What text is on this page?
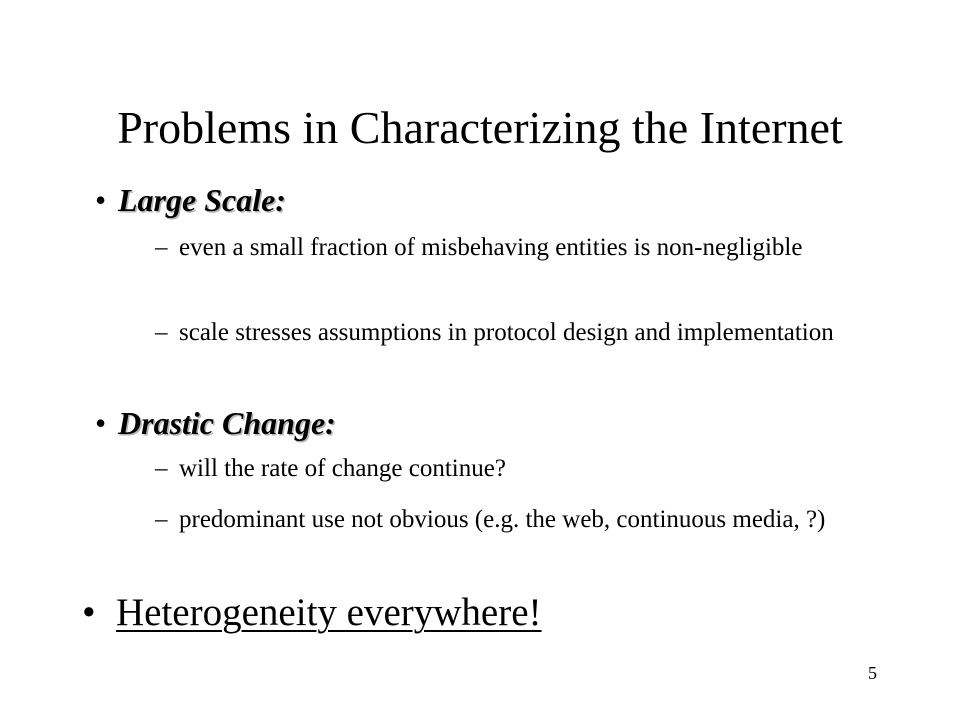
Problems in Characterizing the Internet
• Large Scale:
– even a small fraction of misbehaving entities is non-negligible
– scale stresses assumptions in protocol design and implementation
• Drastic Change:
– will the rate of change continue?
– predominant use not obvious (e.g. the web, continuous media, ?)
• Heterogeneity everywhere!
5
